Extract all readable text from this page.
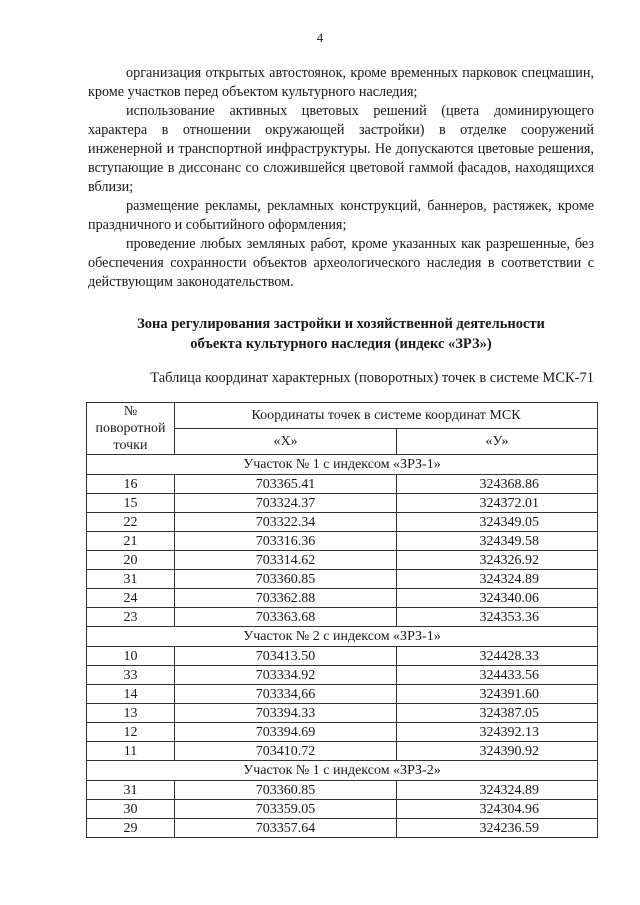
4

организация открытых автостоянок, кроме временных парковок спецмашин, кроме участков перед объектом культурного наследия;

использование активных цветовых решений (цвета доминирующего характера в отношении окружающей застройки) в отделке сооружений инженерной и транспортной инфраструктуры. Не допускаются цветовые решения, вступающие в диссонанс со сложившейся цветовой гаммой фасадов, находящихся вблизи;

размещение рекламы, рекламных конструкций, баннеров, растяжек, кроме праздничного и событийного оформления;

проведение любых земляных работ, кроме указанных как разрешенные, без обеспечения сохранности объектов археологического наследия в соответствии с действующим законодательством.

Зона регулирования застройки и хозяйственной деятельности
объекта культурного наследия (индекс «ЗРЗ»)
Таблица координат характерных (поворотных) точек в системе МСК-71
№
поворотной
точки	Координаты точек в системе координат МСК	
	«X»	«У»
Участок № 1 с индексом «ЗРЗ-1»		
16	703365.41	324368.86
15	703324.37	324372.01
22	703322.34	324349.05
21	703316.36	324349.58
20	703314.62	324326.92
31	703360.85	324324.89
24	703362.88	324340.06
23	703363.68	324353.36
Участок № 2 с индексом «ЗРЗ-1»		
10	703413.50	324428.33
33	703334.92	324433.56
14	703334,66	324391.60
13	703394.33	324387.05
12	703394.69	324392.13
11	703410.72	324390.92
Участок № 1 с индексом «ЗРЗ-2»		
31	703360.85	324324.89
30	703359.05	324304.96
29	703357.64	324236.59
